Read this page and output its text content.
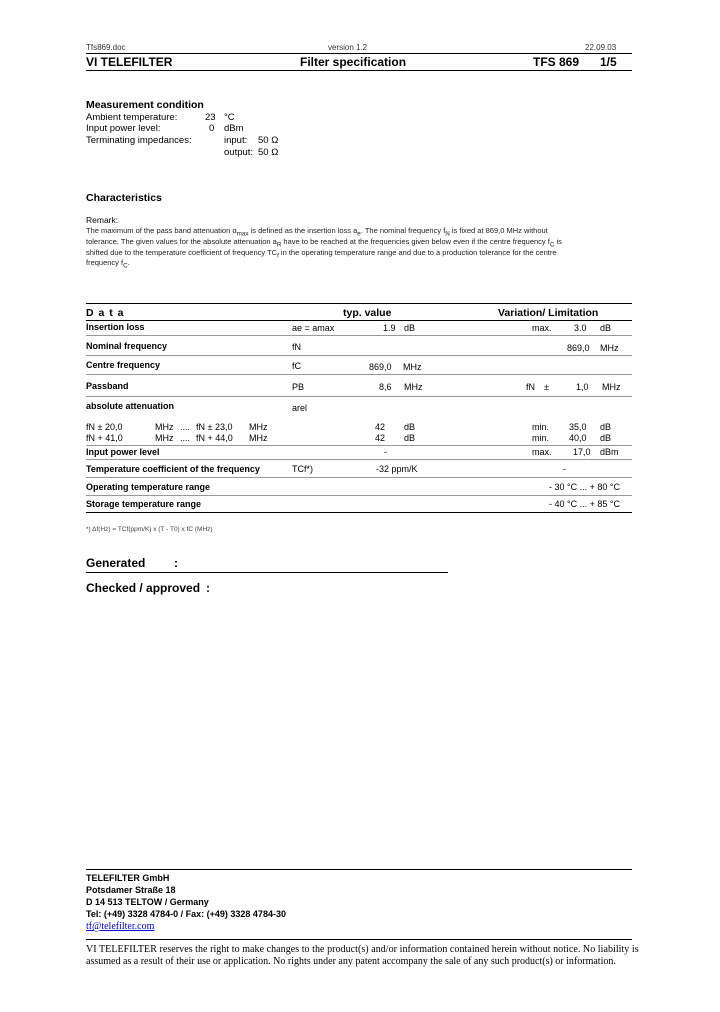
Tfs869.doc	version 1.2	22.09.03
VI TELEFILTER	Filter specification	TFS 869 1/5
Measurement condition
Ambient temperature:	23 °C
Input power level:	0 dBm
Terminating impedances:	input: 50 Ω
output: 50 Ω
Characteristics
Remark:
The maximum of the pass band attenuation $\alpha_{max}$ is defined as the insertion loss $a_e$. The nominal frequency $f_N$ is fixed at 869,0 MHz without
tolerance. The given values for the absolute attenuation $a_R$ have to be reached at the frequencies given below even if the centre frequency $f_C$ is
shifted due to the temperature coefficient of frequency $TC_f$ in the operating temperature range and due to a production tolerance for the centre
frequency $f_C$.
D a t a	typ. value	Variation/ Limitation
Insertion loss	ae = amax	1.9 dB	max. 3.0 dB
Nominal frequency	fN	869,0 MHz
Centre frequency	fC	869,0 MHz
Passband	PB	8,6 MHz	fN ±	1,0 MHz
absolute attenuation	arel
fN ± 20,0	MHz .... fN ± 23,0 MHz	42 dB	min. 35,0 dB
fN + 41,0	MHz .... fN + 44,0 MHz	42 dB	min. 40,0 dB
Input power level	-	max. 17,0 dBm
Temperature coefficient of the frequency	TCf*)	-32 ppm/K	-
Operating temperature range	- 30 °C ... + 80 °C
Storage temperature range	- 40 °C ... + 85 °C
*) Δf(Hz) = TCf(ppm/K) x (T - T0) x fC (MHz)
Generated :
Checked / approved :
TELEFILTER GmbH
Potsdamer Straße 18
D 14 513 TELTOW / Germany
Tel: (+49) 3328 4784-0 / Fax: (+49) 3328 4784-30
tf@telefilter.com
VI TELEFILTER reserves the right to make changes to the product(s) and/or information contained herein without notice. No liability is
assumed as a result of their use or application. No rights under any patent accompany the sale of any such product(s) or information.
